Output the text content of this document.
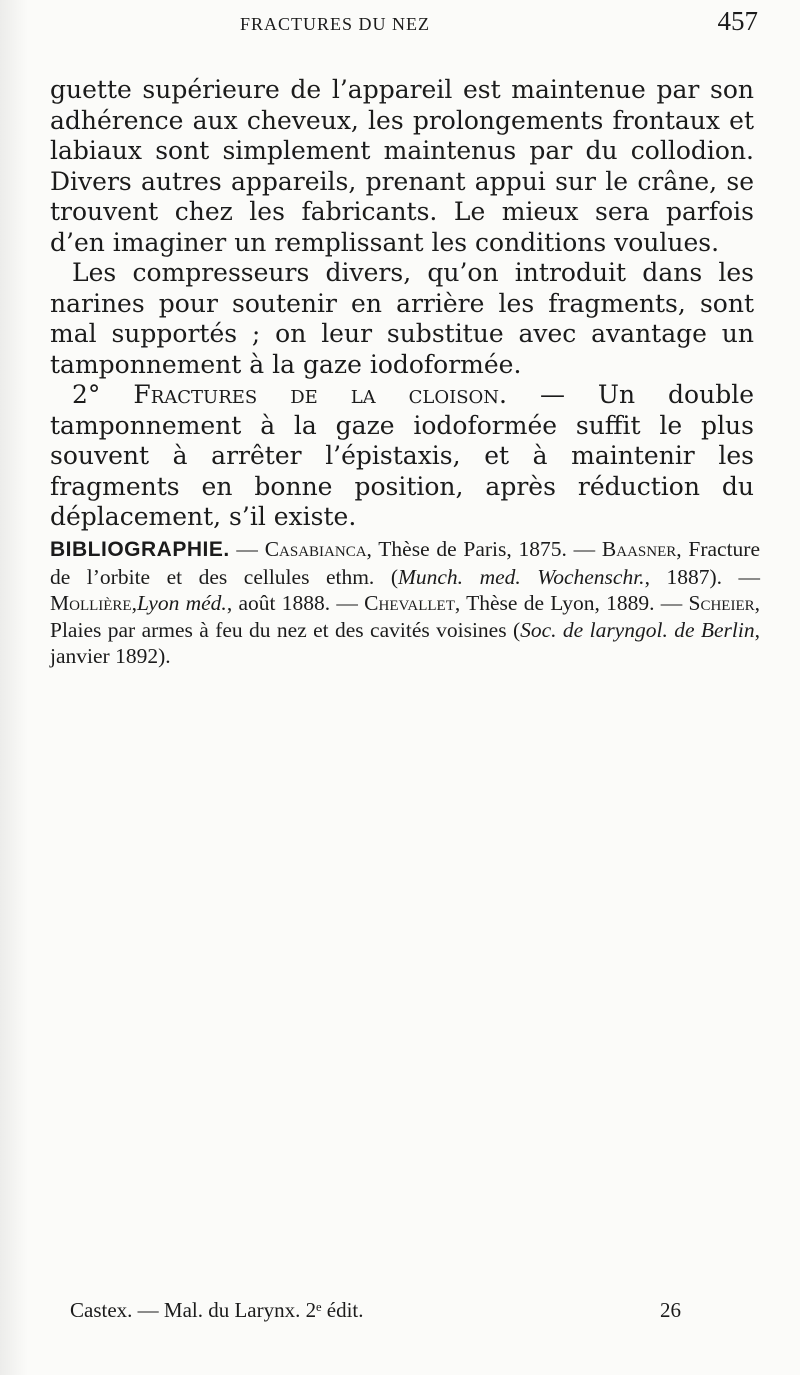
FRACTURES DU NEZ	457

guette supérieure de l’appareil est maintenue par son adhérence aux cheveux, les prolongements frontaux et labiaux sont simplement maintenus par du collodion. Divers autres appareils, prenant appui sur le crâne, se trouvent chez les fabricants. Le mieux sera parfois d’en imaginer un remplissant les conditions voulues.

Les compresseurs divers, qu’on introduit dans les narines pour soutenir en arrière les fragments, sont mal supportés ; on leur substitue avec avantage un tamponnement à la gaze iodoformée.

2° Fractures de la cloison. — Un double tamponnement à la gaze iodoformée suffit le plus souvent à arrêter l’épistaxis, et à maintenir les fragments en bonne position, après réduction du déplacement, s’il existe.

BIBLIOGRAPHIE. — Casabianca, Thèse de Paris, 1875. — Baasner, Fracture de l’orbite et des cellules ethm. (Munch. med. Wochenschr., 1887). — Mollière,Lyon méd., août 1888. — Chevallet, Thèse de Lyon, 1889. — Scheier, Plaies par armes à feu du nez et des cavités voisines (Soc. de laryngol. de Berlin, janvier 1892).

Castex. — Mal. du Larynx. 2ᵉ édit.	26
